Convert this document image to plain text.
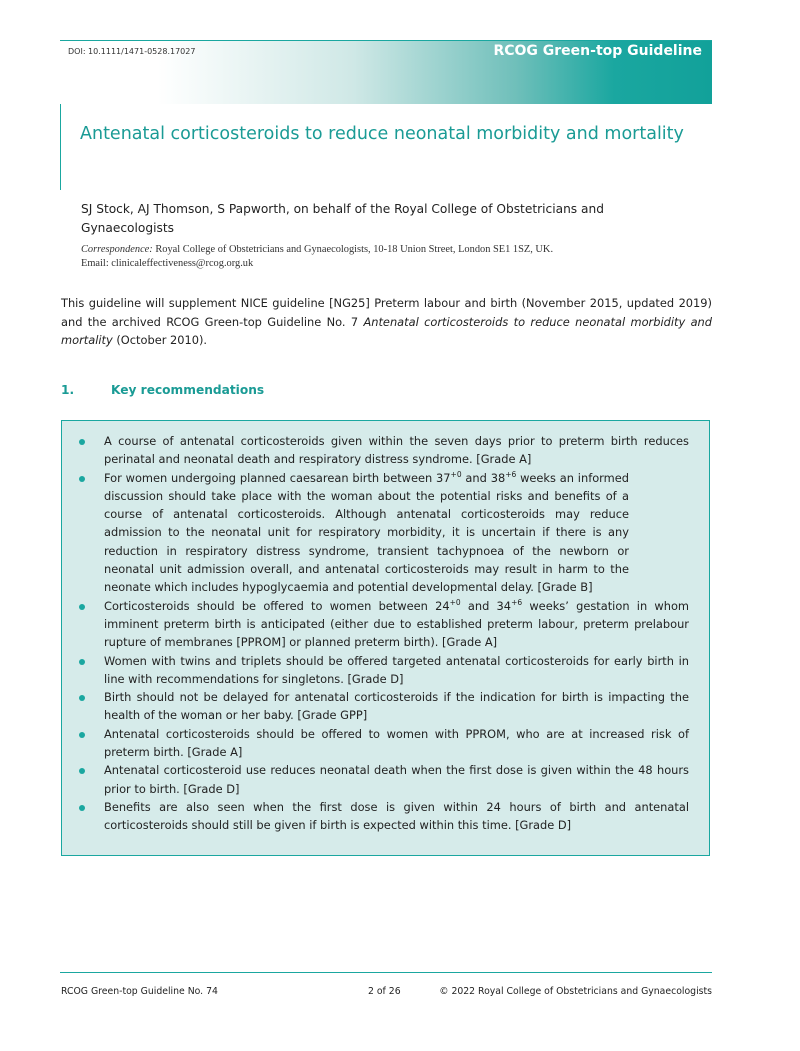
DOI: 10.1111/1471-0528.17027	RCOG Green-top Guideline
Antenatal corticosteroids to reduce neonatal morbidity and mortality
SJ Stock, AJ Thomson, S Papworth, on behalf of the Royal College of Obstetricians and Gynaecologists
Correspondence: Royal College of Obstetricians and Gynaecologists, 10-18 Union Street, London SE1 1SZ, UK.
Email: clinicaleffectiveness@rcog.org.uk
This guideline will supplement NICE guideline [NG25] Preterm labour and birth (November 2015, updated 2019) and the archived RCOG Green-top Guideline No. 7 Antenatal corticosteroids to reduce neonatal morbidity and mortality (October 2010).
1.	Key recommendations
A course of antenatal corticosteroids given within the seven days prior to preterm birth reduces perinatal and neonatal death and respiratory distress syndrome. [Grade A]
For women undergoing planned caesarean birth between $37^{+0}$ and $38^{+6}$ weeks an informed discussion should take place with the woman about the potential risks and benefits of a course of antenatal corticosteroids. Although antenatal corticosteroids may reduce admission to the neonatal unit for respiratory morbidity, it is uncertain if there is any reduction in respiratory distress syndrome, transient tachypnoea of the newborn or neonatal unit admission overall, and antenatal corticosteroids may result in harm to the neonate which includes hypoglycaemia and potential developmental delay. [Grade B]
Corticosteroids should be offered to women between $24^{+0}$ and $34^{+6}$ weeks’ gestation in whom imminent preterm birth is anticipated (either due to established preterm labour, preterm prelabour rupture of membranes [PPROM] or planned preterm birth). [Grade A]
Women with twins and triplets should be offered targeted antenatal corticosteroids for early birth in line with recommendations for singletons. [Grade D]
Birth should not be delayed for antenatal corticosteroids if the indication for birth is impacting the health of the woman or her baby. [Grade GPP]
Antenatal corticosteroids should be offered to women with PPROM, who are at increased risk of preterm birth. [Grade A]
Antenatal corticosteroid use reduces neonatal death when the first dose is given within the 48 hours prior to birth. [Grade D]
Benefits are also seen when the first dose is given within 24 hours of birth and antenatal corticosteroids should still be given if birth is expected within this time. [Grade D]
RCOG Green-top Guideline No. 74	2 of 26	© 2022 Royal College of Obstetricians and Gynaecologists
